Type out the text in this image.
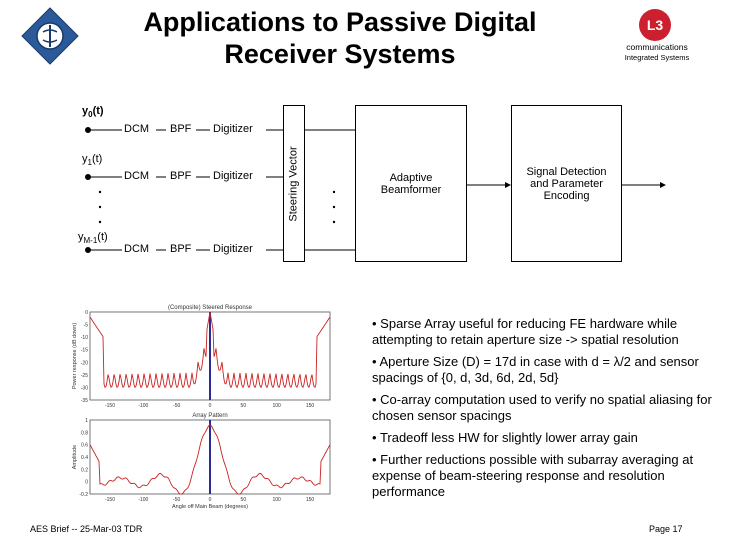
Applications to Passive Digital
Receiver Systems
L3
communications
Integrated Systems
$y_0(t)$
$y_1(t)$
$y_{M-1}(t)$
DCM BPF Digitizer
DCM BPF Digitizer
DCM BPF Digitizer
Steering Vector	Adaptive Beamformer
Signal Detection and Parameter Encoding
(Composite) Steered Response
Power response (dB down)
0
-5
-10
-15
-20
-25
-30
-35
-150	-100	-50	0	50	100	150
Array Pattern
Amplitude
1
0.8
0.6
0.4
0.2
0
-0.2
-150	-100	-50	0	50	100	150
Angle off Main Beam (degrees)
• Sparse Array useful for reducing FE hardware while attempting to retain aperture size -> spatial resolution
• Aperture Size (D) = 17d in case with d = λ/2 and sensor spacings of {0, d, 3d, 6d, 2d, 5d}
• Co-array computation used to verify no spatial aliasing for chosen sensor spacings
• Tradeoff less HW for slightly lower array gain
• Further reductions possible with subarray averaging at expense of beam-steering response and resolution performance
AES Brief -- 25-Mar-03 TDR	Page 17
